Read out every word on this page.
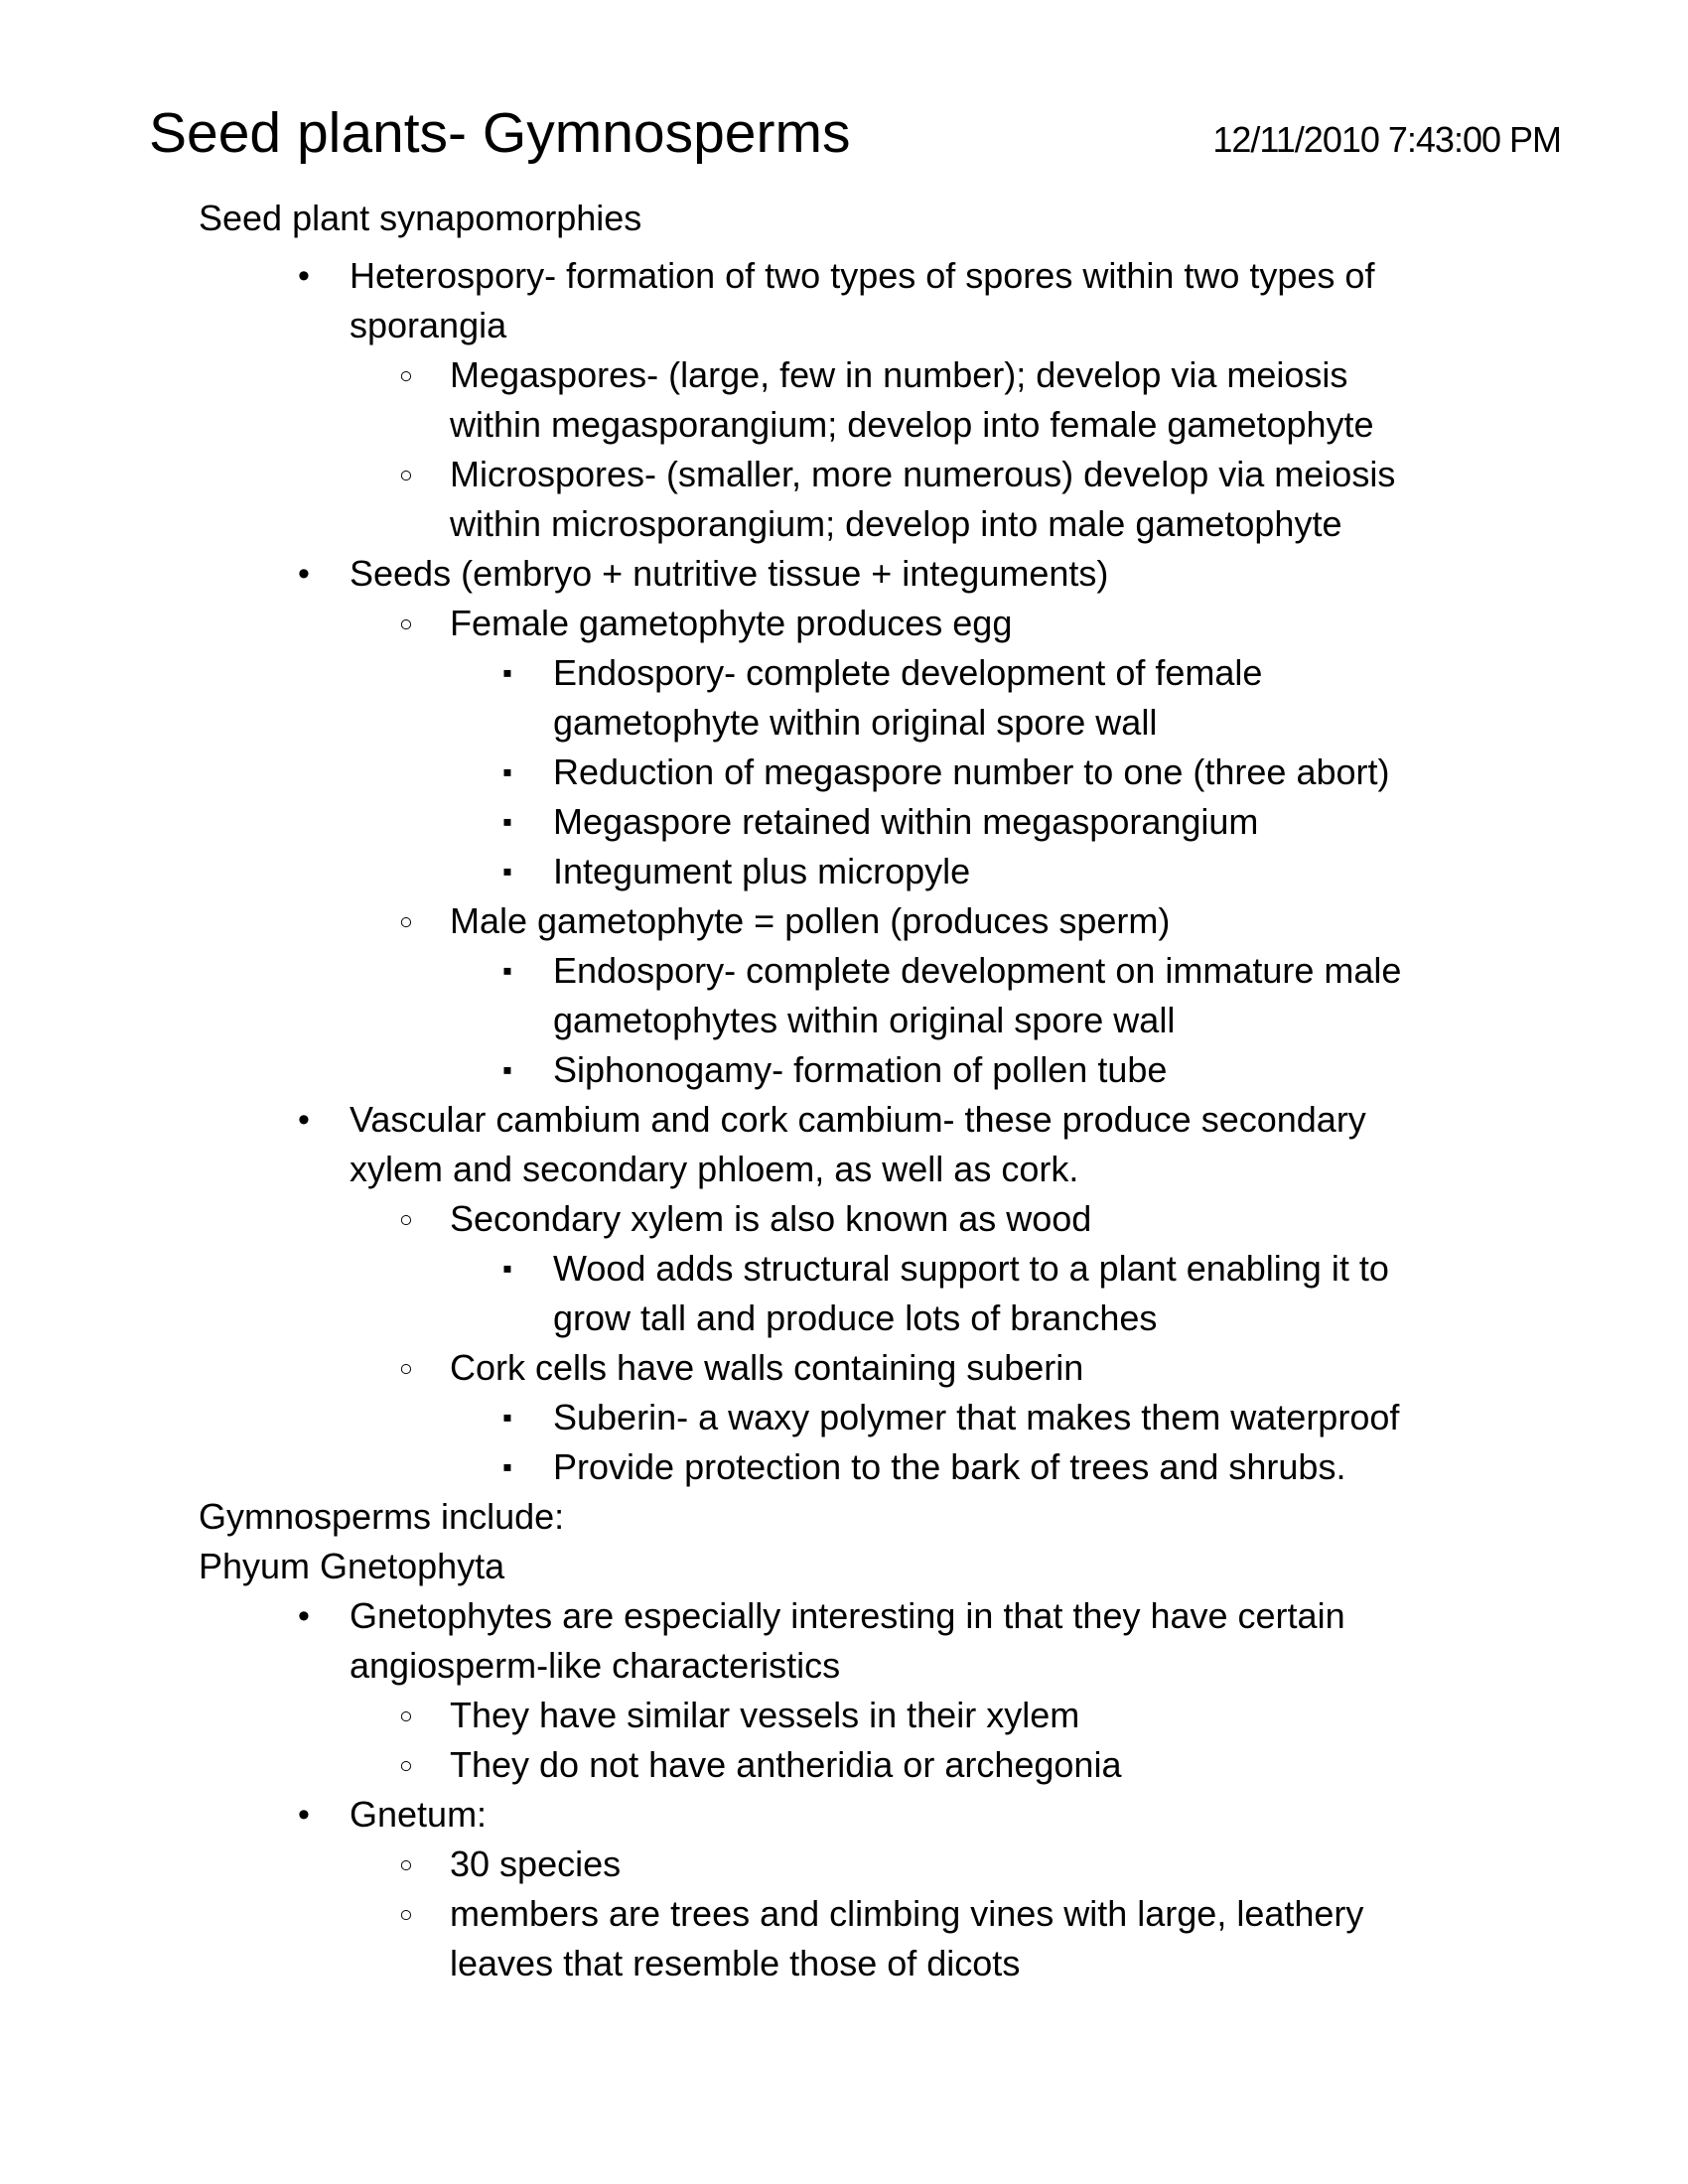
Seed plants- Gymnosperms	12/11/2010 7:43:00 PM
Seed plant synapomorphies
• Heterospory- formation of two types of spores within two types of
sporangia
○ Megaspores- (large, few in number); develop via meiosis
within megasporangium; develop into female gametophyte
○ Microspores- (smaller, more numerous) develop via meiosis
within microsporangium; develop into male gametophyte
• Seeds (embryo + nutritive tissue + integuments)
○ Female gametophyte produces egg
▪ Endospory- complete development of female
gametophyte within original spore wall
▪ Reduction of megaspore number to one (three abort)
▪ Megaspore retained within megasporangium
▪ Integument plus micropyle
○ Male gametophyte = pollen (produces sperm)
▪ Endospory- complete development on immature male
gametophytes within original spore wall
▪ Siphonogamy- formation of pollen tube
• Vascular cambium and cork cambium- these produce secondary
xylem and secondary phloem, as well as cork.
○ Secondary xylem is also known as wood
▪ Wood adds structural support to a plant enabling it to
grow tall and produce lots of branches
○ Cork cells have walls containing suberin
▪ Suberin- a waxy polymer that makes them waterproof
▪ Provide protection to the bark of trees and shrubs.
Gymnosperms include:
Phyum Gnetophyta
• Gnetophytes are especially interesting in that they have certain
angiosperm-like characteristics
○ They have similar vessels in their xylem
○ They do not have antheridia or archegonia
• Gnetum:
○ 30 species
○ members are trees and climbing vines with large, leathery
leaves that resemble those of dicots
